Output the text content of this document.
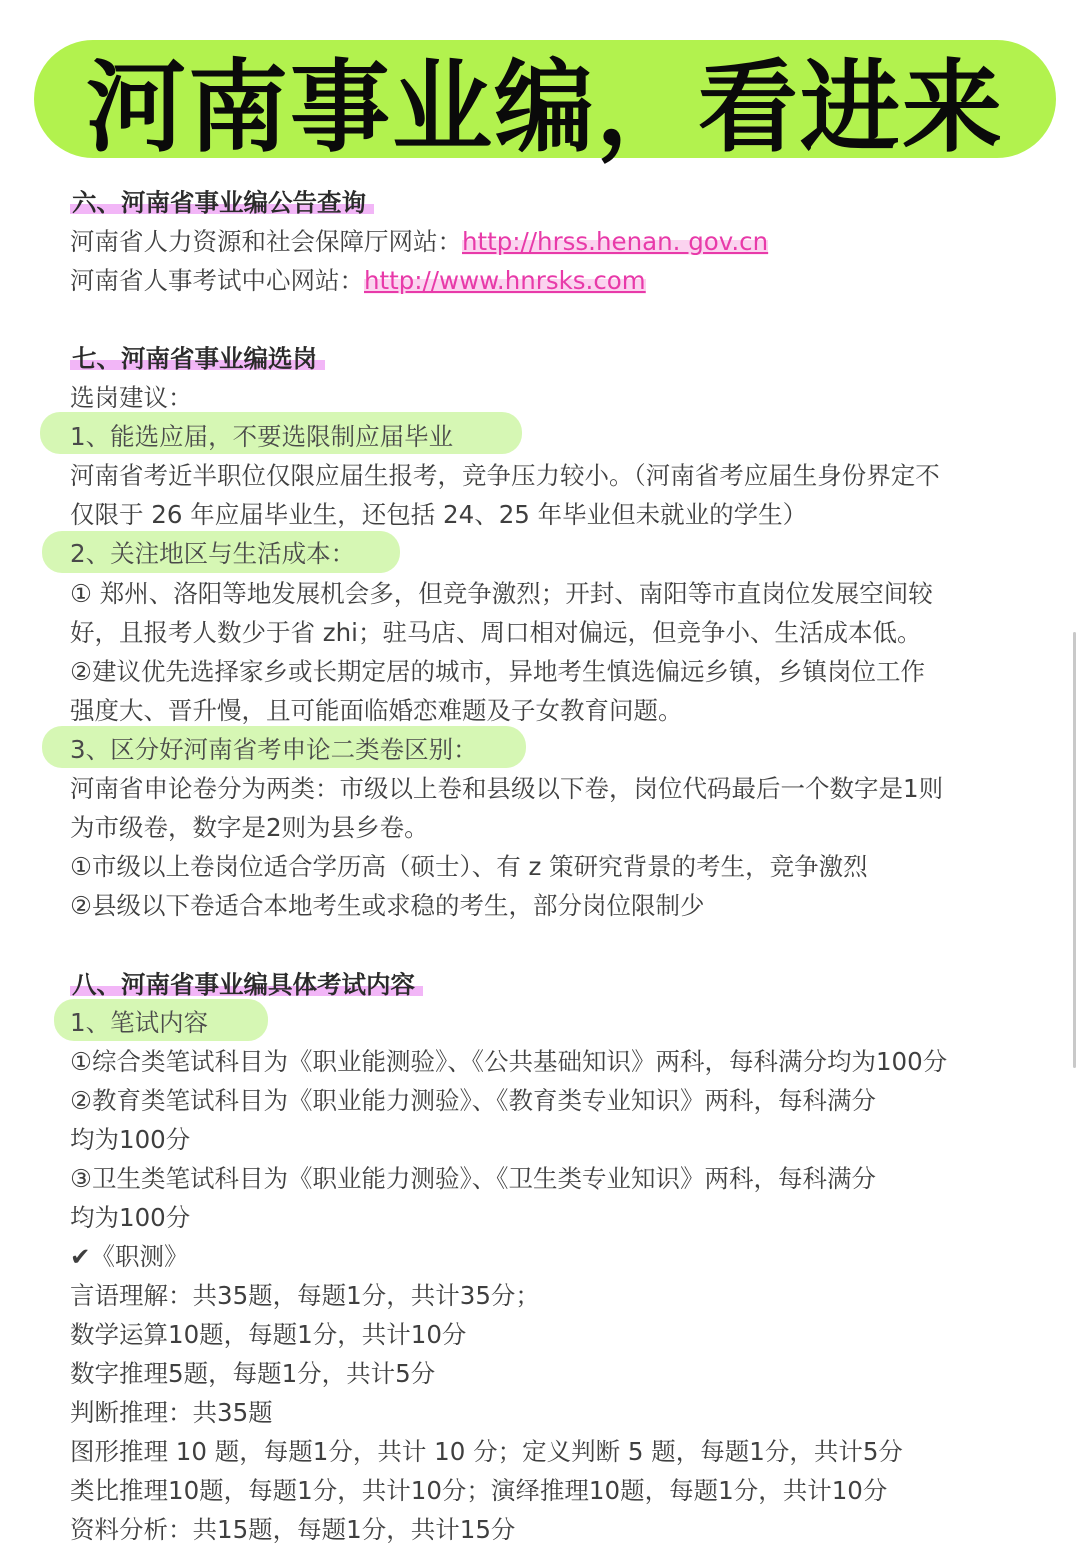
河南事业编，看进来
六、河南省事业编公告查询
河南省人力资源和社会保障厅网站：http://hrss.henan. gov.cn
河南省人事考试中心网站：http://www.hnrsks.com
七、河南省事业编选岗
选岗建议：
1、能选应届，不要选限制应届毕业
河南省考近半职位仅限应届生报考，竞争压力较小。（河南省考应届生身份界定不
仅限于 26 年应届毕业生，还包括 24、25 年毕业但未就业的学生）
2、关注地区与生活成本：
① 郑州、洛阳等地发展机会多，但竞争激烈；开封、南阳等市直岗位发展空间较
好，且报考人数少于省 zhi；驻马店、周口相对偏远，但竞争小、生活成本低。
②建议优先选择家乡或长期定居的城市，异地考生慎选偏远乡镇，乡镇岗位工作
强度大、晋升慢，且可能面临婚恋难题及子女教育问题。
3、区分好河南省考申论二类卷区别：
河南省申论卷分为两类：市级以上卷和县级以下卷，岗位代码最后一个数字是1则
为市级卷，数字是2则为县乡卷。
①市级以上卷岗位适合学历高（硕士）、有 z 策研究背景的考生，竞争激烈
②县级以下卷适合本地考生或求稳的考生，部分岗位限制少
八、河南省事业编具体考试内容
1、笔试内容
①综合类笔试科目为《职业能测验》、《公共基础知识》两科，每科满分均为100分
②教育类笔试科目为《职业能力测验》、《教育类专业知识》两科，每科满分
均为100分
③卫生类笔试科目为《职业能力测验》、《卫生类专业知识》两科，每科满分
均为100分
✔《职测》
言语理解：共35题，每题1分，共计35分；
数学运算10题，每题1分，共计10分
数字推理5题，每题1分，共计5分
判断推理：共35题
图形推理 10 题，每题1分，共计 10 分；定义判断 5 题，每题1分，共计5分
类比推理10题，每题1分，共计10分；演绎推理10题，每题1分，共计10分
资料分析：共15题，每题1分，共计15分
